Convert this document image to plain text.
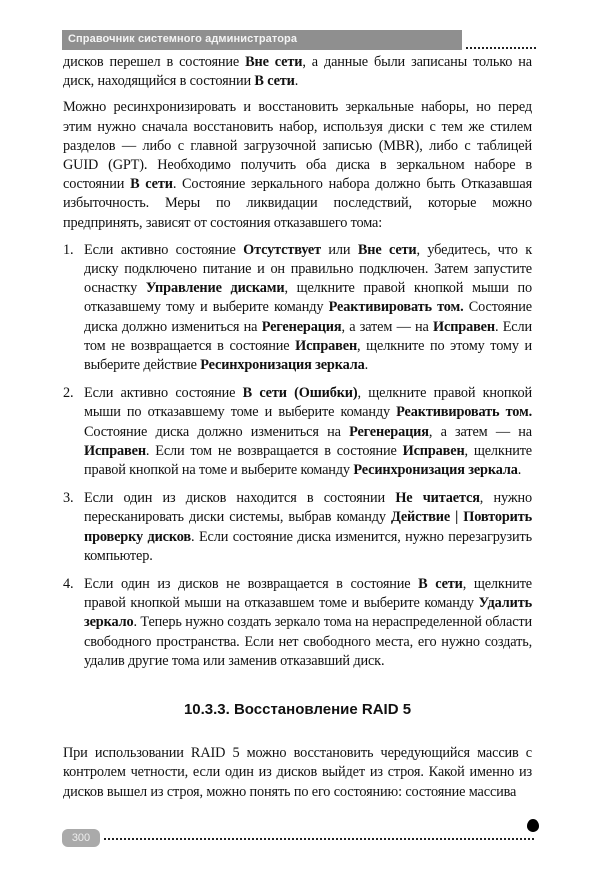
Справочник системного администратора

дисков перешел в состояние Вне сети, а данные были записаны только на диск, находящийся в состоянии В сети.

Можно ресинхронизировать и восстановить зеркальные наборы, но перед этим нужно сначала восстановить набор, используя диски с тем же стилем разделов — либо с главной загрузочной записью (MBR), либо с таблицей GUID (GPT). Необходимо получить оба диска в зеркальном наборе в состоянии В сети. Состояние зеркального набора должно быть Отказавшая избыточность. Меры по ликвидации последствий, которые можно предпринять, зависят от состояния отказавшего тома:

1. Если активно состояние Отсутствует или Вне сети, убедитесь, что к диску подключено питание и он правильно подключен. Затем запустите оснастку Управление дисками, щелкните правой кнопкой мыши по отказавшему тому и выберите команду Реактивировать том. Состояние диска должно измениться на Регенерация, а затем — на Исправен. Если том не возвращается в состояние Исправен, щелкните по этому тому и выберите действие Ресинхронизация зеркала.
2. Если активно состояние В сети (Ошибки), щелкните правой кнопкой мыши по отказавшему томе и выберите команду Реактивировать том. Состояние диска должно измениться на Регенерация, а затем — на Исправен. Если том не возвращается в состояние Исправен, щелкните правой кнопкой на томе и выберите команду Ресинхронизация зеркала.
3. Если один из дисков находится в состоянии Не читается, нужно пересканировать диски системы, выбрав команду Действие | Повторить проверку дисков. Если состояние диска изменится, нужно перезагрузить компьютер.
4. Если один из дисков не возвращается в состояние В сети, щелкните правой кнопкой мыши на отказавшем томе и выберите команду Удалить зеркало. Теперь нужно создать зеркало тома на нераспределенной области свободного пространства. Если нет свободного места, его нужно создать, удалив другие тома или заменив отказавший диск.
10.3.3. Восстановление RAID 5

При использовании RAID 5 можно восстановить чередующийся массив с контролем четности, если один из дисков выйдет из строя. Какой именно из дисков вышел из строя, можно понять по его состоянию: состояние массива

300
